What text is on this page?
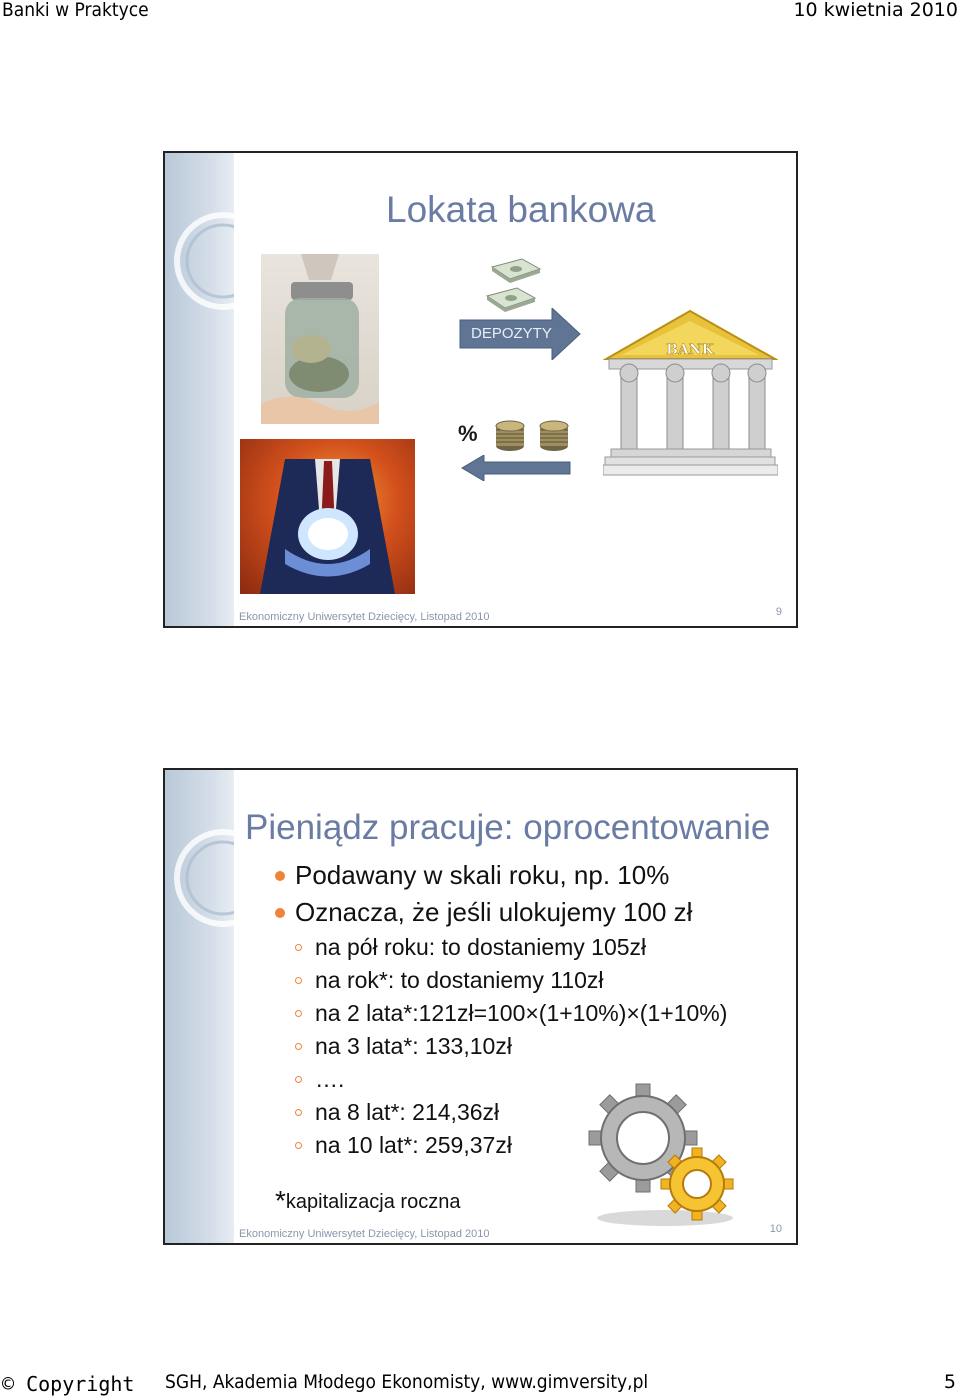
Banki w Praktyce	10 kwietnia 2010
Lokata bankowa
DEPOZYTY
%
BANK
Ekonomiczny Uniwersytet Dziecięcy, Listopad 2010	9
Pieniądz pracuje: oprocentowanie
Podawany w skali roku, np. 10%
Oznacza, że jeśli ulokujemy 100 zł
na pół roku: to dostaniemy 105zł
na rok*: to dostaniemy 110zł
na 2 lata*:121zł=100×(1+10%)×(1+10%)
na 3 lata*: 133,10zł
….
na 8 lat*: 214,36zł
na 10 lat*: 259,37zł
*kapitalizacja roczna
Ekonomiczny Uniwersytet Dziecięcy, Listopad 2010	10
© Copyright SGH, Akademia Młodego Ekonomisty, www.gimversity,pl	5
